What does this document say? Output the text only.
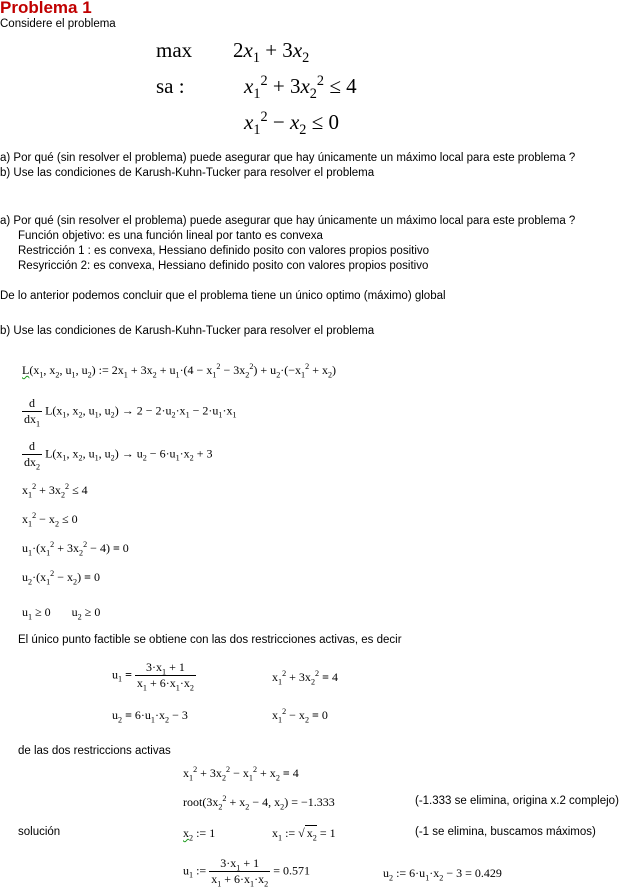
Problema 1
Considere el problema
$\max 2x_1 + 3x_2$
sa :	$x_1^2 + 3x_2^2 \le 4$
$x_1^2 - x_2 \le 0$
a) Por qué (sin resolver el problema) puede asegurar que hay únicamente un máximo local para este problema ?
b) Use las condiciones de Karush-Kuhn-Tucker para resolver el problema
a) Por qué (sin resolver el problema) puede asegurar que hay únicamente un máximo local para este problema ?
Función objetivo: es una función lineal por tanto es convexa
Restricción 1 : es convexa, Hessiano definido posito con valores propios positivo
Resyricción 2: es convexa, Hessiano definido posito con valores propios positivo
De lo anterior podemos concluir que el problema tiene un único optimo (máximo) global
b) Use las condiciones de Karush-Kuhn-Tucker para resolver el problema
$L(x_1$, $x_2$, $u_1$, $u_2$) := $2x_1 + 3x_2 + u_1\cdot(4 - x_1^2 - 3x_2^2) + u_2\cdot(-x_1^2 + x_2)$
$\frac{d}{dx_1} L(x_1$, $x_2$, $u_1$, $u_2) \to 2 - 2\cdot u_2\cdot x_1 - 2\cdot u_1\cdot x_1$
$\frac{d}{dx_2} L(x_1$, $x_2$, $u_1$, $u_2) \to u_2 - 6\cdot u_1\cdot x_2 + 3$
$x_1^2 + 3x_2^2 \le 4$
$x_1^2 - x_2 \le 0$
$u_1\cdot(x_1^2 + 3x_2^2 - 4) = 0$
$u_2\cdot(x_1^2 - x_2) = 0$
$u_1 \ge 0$       $u_2 \ge 0$
El único punto factible se obtiene con las dos restricciones activas, es decir
$u_1 = \frac{3\cdot x_1 + 1}{x_1 + 6\cdot x_1\cdot x_2}$	$x_1^2 + 3x_2^2 = 4$
$u_2 = 6\cdot u_1\cdot x_2 - 3$	$x_1^2 - x_2 = 0$
de las dos restriccions activas
$x_1^2 + 3x_2^2 - x_1^2 + x_2 = 4$
$root(3x_2^2 + x_2 - 4$, $x_2) = -1.333$	(-1.333 se elimina, origina x.2 complejo)
solución	$x_2$ := 1	$x_1$ := √ $x_2 = 1$	(-1 se elimina, buscamos máximos)
$u_1$ := $\frac{3\cdot x_1 + 1}{x_1 + 6\cdot x_1\cdot x_2} = 0.571$	$u_2$ := $6\cdot u_1\cdot x_2 - 3 = 0.429$
